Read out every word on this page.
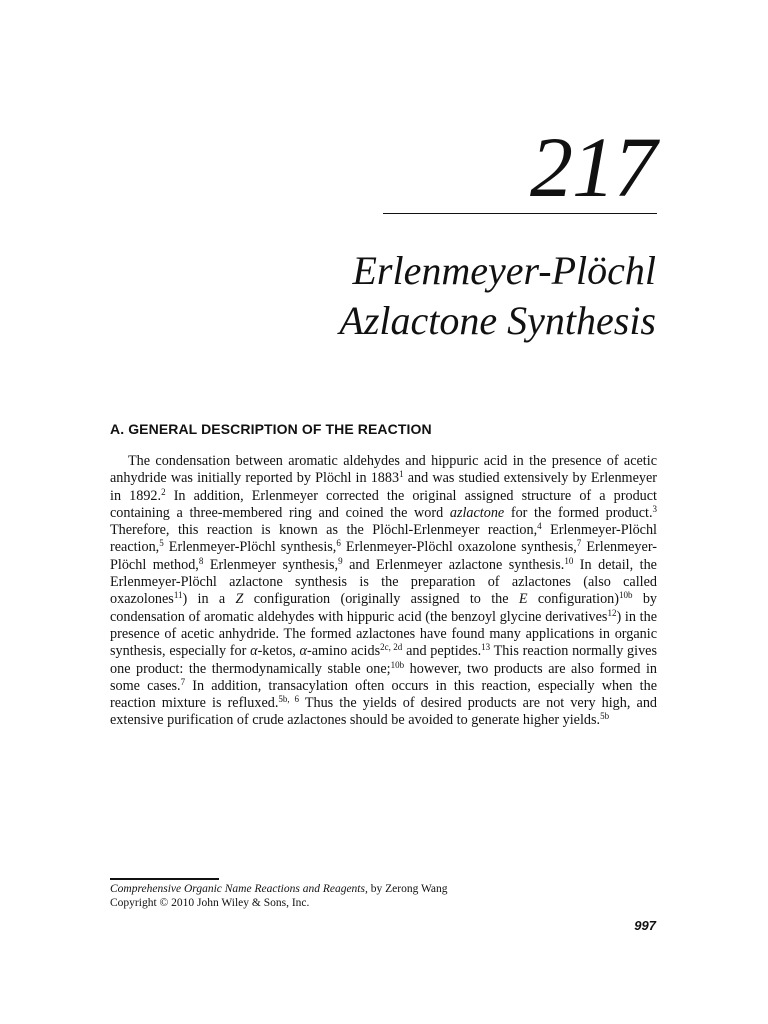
217
Erlenmeyer-Plöchl
Azlactone Synthesis
A. GENERAL DESCRIPTION OF THE REACTION

The condensation between aromatic aldehydes and hippuric acid in the presence of acetic anhydride was initially reported by Plöchl in 1883$^1$ and was studied extensively by Erlenmeyer in 1892.$^2$ In addition, Erlenmeyer corrected the original assigned structure of a product containing a three-membered ring and coined the word azlactone for the formed product.$^3$ Therefore, this reaction is known as the Plöchl-Erlenmeyer reaction,$^4$ Erlenmeyer-Plöchl reaction,$^5$ Erlenmeyer-Plöchl synthesis,$^6$ Erlenmeyer-Plöchl oxazolone synthesis,$^7$ Erlenmeyer-Plöchl method,$^8$ Erlenmeyer synthesis,$^9$ and Erlenmeyer azlactone synthesis.$^{10}$ In detail, the Erlenmeyer-Plöchl azlactone synthesis is the preparation of azlactones (also called oxazolones$^{11}$) in a Z configuration (originally assigned to the E configuration)$^{10b}$ by condensation of aromatic aldehydes with hippuric acid (the benzoyl glycine derivatives$^{12}$) in the presence of acetic anhydride. The formed azlactones have found many applications in organic synthesis, especially for α-ketos, α-amino acids$^{2c, 2d}$ and peptides.$^{13}$ This reaction normally gives one product: the thermodynamically stable one;$^{10b}$ however, two products are also formed in some cases.$^7$ In addition, transacylation often occurs in this reaction, especially when the reaction mixture is refluxed.$^{5b, 6}$ Thus the yields of desired products are not very high, and extensive purification of crude azlactones should be avoided to generate higher yields.$^{5b}$

Comprehensive Organic Name Reactions and Reagents, by Zerong Wang
Copyright © 2010 John Wiley & Sons, Inc.
997
